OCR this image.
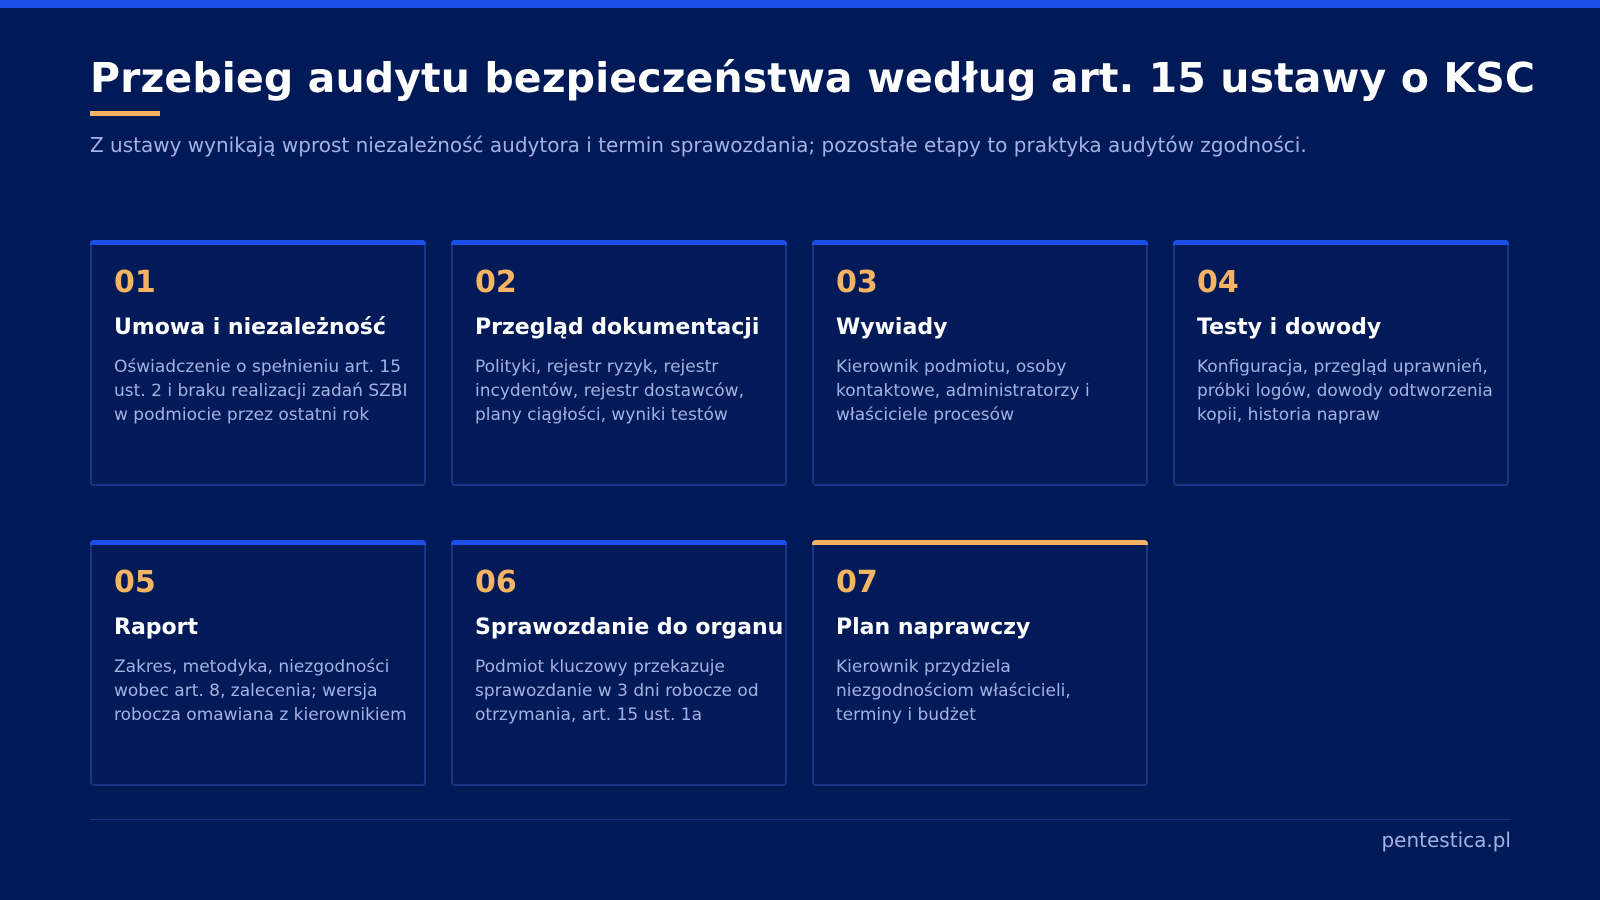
Przebieg audytu bezpieczeństwa według art. 15 ustawy o KSC
Z ustawy wynikają wprost niezależność audytora i termin sprawozdania; pozostałe etapy to praktyka audytów zgodności.
01
Umowa i niezależność
Oświadczenie o spełnieniu art. 15 ust. 2 i braku realizacji zadań SZBI w podmiocie przez ostatni rok
02
Przegląd dokumentacji
Polityki, rejestr ryzyk, rejestr incydentów, rejestr dostawców, plany ciągłości, wyniki testów
03
Wywiady
Kierownik podmiotu, osoby kontaktowe, administratorzy i właściciele procesów
04
Testy i dowody
Konfiguracja, przegląd uprawnień, próbki logów, dowody odtworzenia kopii, historia napraw
05
Raport
Zakres, metodyka, niezgodności wobec art. 8, zalecenia; wersja robocza omawiana z kierownikiem
06
Sprawozdanie do organu
Podmiot kluczowy przekazuje sprawozdanie w 3 dni robocze od otrzymania, art. 15 ust. 1a
07
Plan naprawczy
Kierownik przydziela niezgodnościom właścicieli, terminy i budżet
pentestica.pl
